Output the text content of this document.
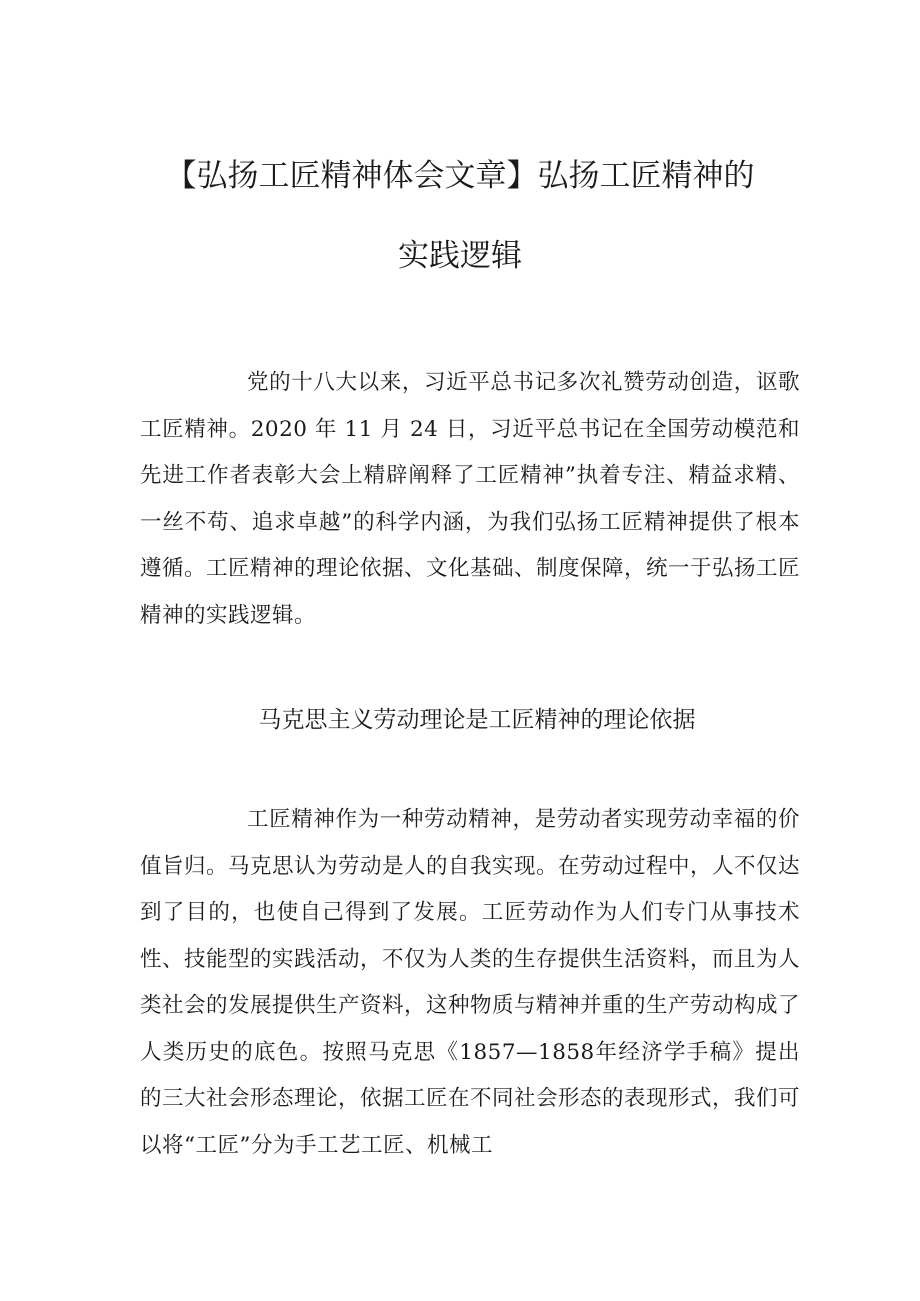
【弘扬工匠精神体会文章】弘扬工匠精神的
实践逻辑

党的十八大以来，习近平总书记多次礼赞劳动创造，讴歌工匠精神。2020 年 11 月 24 日，习近平总书记在全国劳动模范和先进工作者表彰大会上精辟阐释了工匠精神”执着专注、精益求精、一丝不苟、追求卓越”的科学内涵，为我们弘扬工匠精神提供了根本遵循。工匠精神的理论依据、文化基础、制度保障，统一于弘扬工匠精神的实践逻辑。

马克思主义劳动理论是工匠精神的理论依据

工匠精神作为一种劳动精神，是劳动者实现劳动幸福的价值旨归。马克思认为劳动是人的自我实现。在劳动过程中，人不仅达到了目的，也使自己得到了发展。工匠劳动作为人们专门从事技术性、技能型的实践活动，不仅为人类的生存提供生活资料，而且为人类社会的发展提供生产资料，这种物质与精神并重的生产劳动构成了人类历史的底色。按照马克思《1857—1858年经济学手稿》提出的三大社会形态理论，依据工匠在不同社会形态的表现形式，我们可以将“工匠”分为手工艺工匠、机械工
